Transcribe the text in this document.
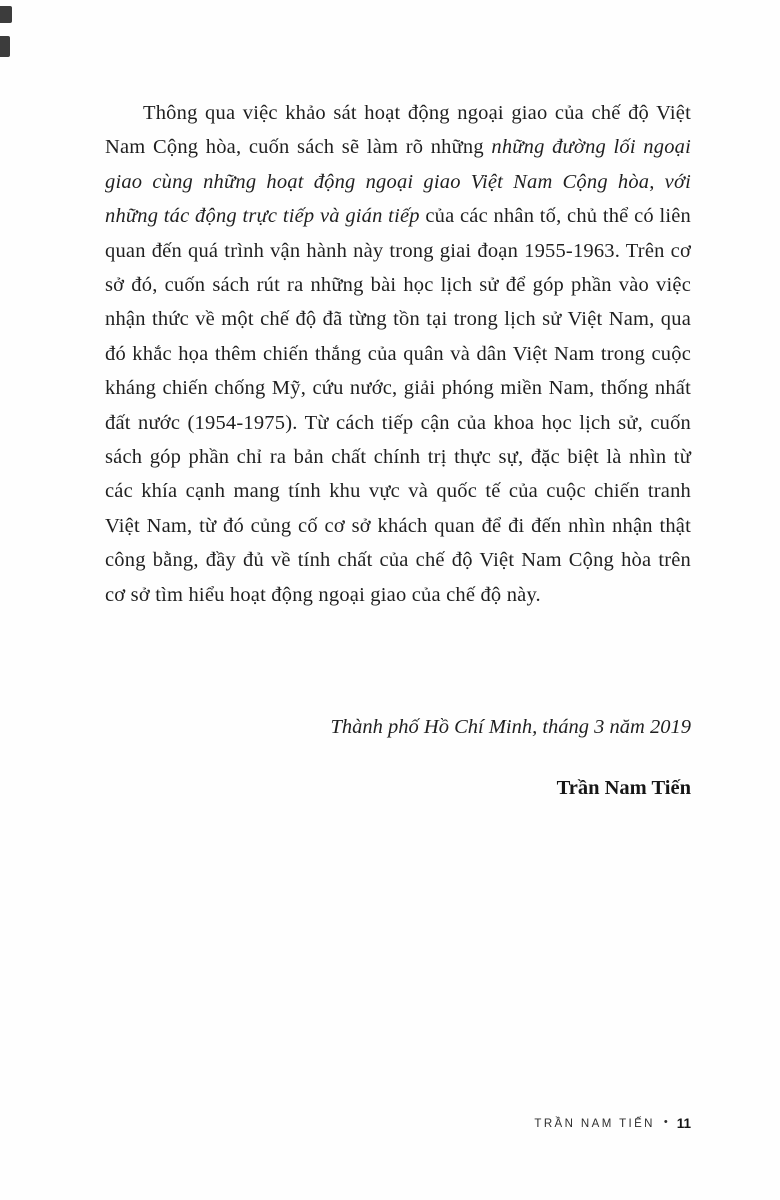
Thông qua việc khảo sát hoạt động ngoại giao của chế độ Việt Nam Cộng hòa, cuốn sách sẽ làm rõ những những đường lối ngoại giao cùng những hoạt động ngoại giao Việt Nam Cộng hòa, với những tác động trực tiếp và gián tiếp của các nhân tố, chủ thể có liên quan đến quá trình vận hành này trong giai đoạn 1955-1963. Trên cơ sở đó, cuốn sách rút ra những bài học lịch sử để góp phần vào việc nhận thức về một chế độ đã từng tồn tại trong lịch sử Việt Nam, qua đó khắc họa thêm chiến thắng của quân và dân Việt Nam trong cuộc kháng chiến chống Mỹ, cứu nước, giải phóng miền Nam, thống nhất đất nước (1954-1975). Từ cách tiếp cận của khoa học lịch sử, cuốn sách góp phần chỉ ra bản chất chính trị thực sự, đặc biệt là nhìn từ các khía cạnh mang tính khu vực và quốc tế của cuộc chiến tranh Việt Nam, từ đó củng cố cơ sở khách quan để đi đến nhìn nhận thật công bằng, đầy đủ về tính chất của chế độ Việt Nam Cộng hòa trên cơ sở tìm hiểu hoạt động ngoại giao của chế độ này.

Thành phố Hồ Chí Minh, tháng 3 năm 2019

Trần Nam Tiến

TRẦN NAM TIẾN • 11
